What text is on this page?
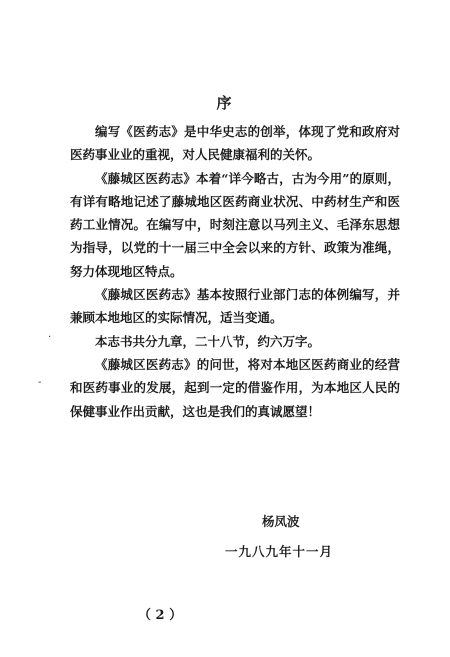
序

编写《医药志》是中华史志的创举，体现了党和政府对医药事业业的重视，对人民健康福利的关怀。

《藤城区医药志》本着“详今略古，古为今用”的原则，有详有略地记述了藤城地区医药商业状况、中药材生产和医药工业情况。在编写中，时刻注意以马列主义、毛泽东思想为指导，以党的十一届三中全会以来的方针、政策为准绳，努力体现地区特点。

《藤城区医药志》基本按照行业部门志的体例编写，并兼顾本地地区的实际情况，适当变通。

本志书共分九章，二十八节，约六万字。

《藤城区医药志》的问世，将对本地区医药商业的经营和医药事业的发展，起到一定的借鉴作用，为本地区人民的保健事业作出贡献，这也是我们的真诚愿望！

.
-
杨凤波
一九八九年十一月
（ 2 ）
